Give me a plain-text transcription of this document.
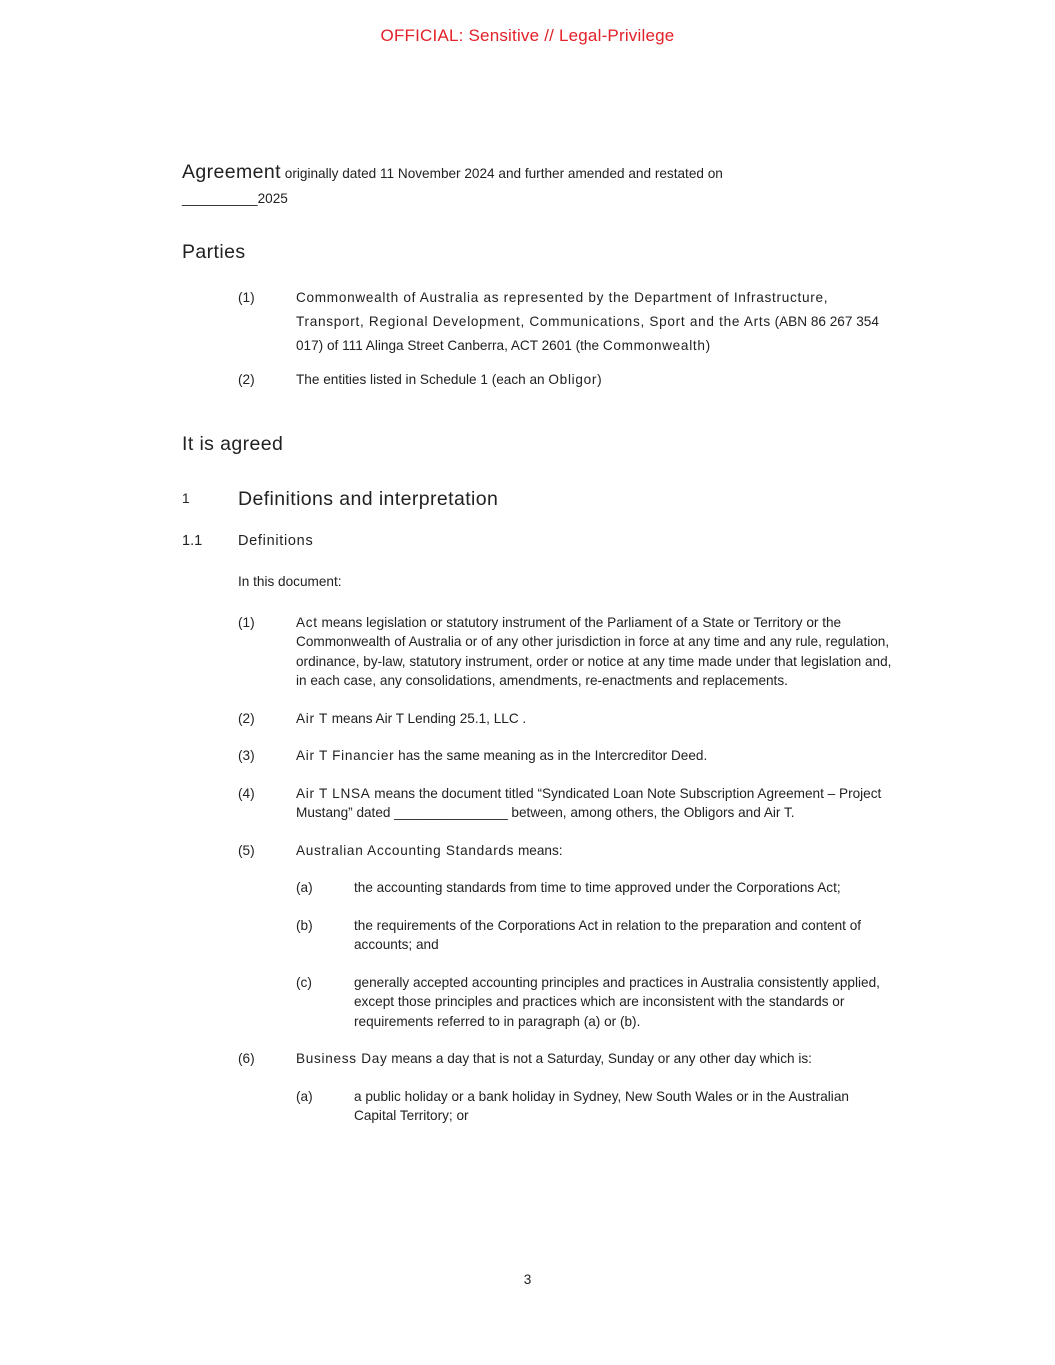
OFFICIAL: Sensitive // Legal-Privilege

Agreement originally dated 11 November 2024 and further amended and restated on
__________2025

Parties
(1)	Commonwealth of Australia as represented by the Department of Infrastructure, Transport, Regional Development, Communications, Sport and the Arts (ABN 86 267 354 017) of 111 Alinga Street Canberra, ACT 2601 (the Commonwealth)

(2)	The entities listed in Schedule 1 (each an Obligor)

It is agreed
1	Definitions and interpretation
1.1	Definitions

In this document:

(1)	Act means legislation or statutory instrument of the Parliament of a State or Territory or the Commonwealth of Australia or of any other jurisdiction in force at any time and any rule, regulation, ordinance, by-law, statutory instrument, order or notice at any time made under that legislation and, in each case, any consolidations, amendments, re-enactments and replacements.

(2)	Air T means Air T Lending 25.1, LLC .

(3)	Air T Financier has the same meaning as in the Intercreditor Deed.

(4)	Air T LNSA means the document titled “Syndicated Loan Note Subscription Agreement – Project Mustang” dated _______________ between, among others, the Obligors and Air T.

(5)	Australian Accounting Standards means:

(a)	the accounting standards from time to time approved under the Corporations Act;

(b)	the requirements of the Corporations Act in relation to the preparation and content of accounts; and

(c)	generally accepted accounting principles and practices in Australia consistently applied, except those principles and practices which are inconsistent with the standards or requirements referred to in paragraph (a) or (b).

(6)	Business Day means a day that is not a Saturday, Sunday or any other day which is:

(a)	a public holiday or a bank holiday in Sydney, New South Wales or in the Australian Capital Territory; or

3
